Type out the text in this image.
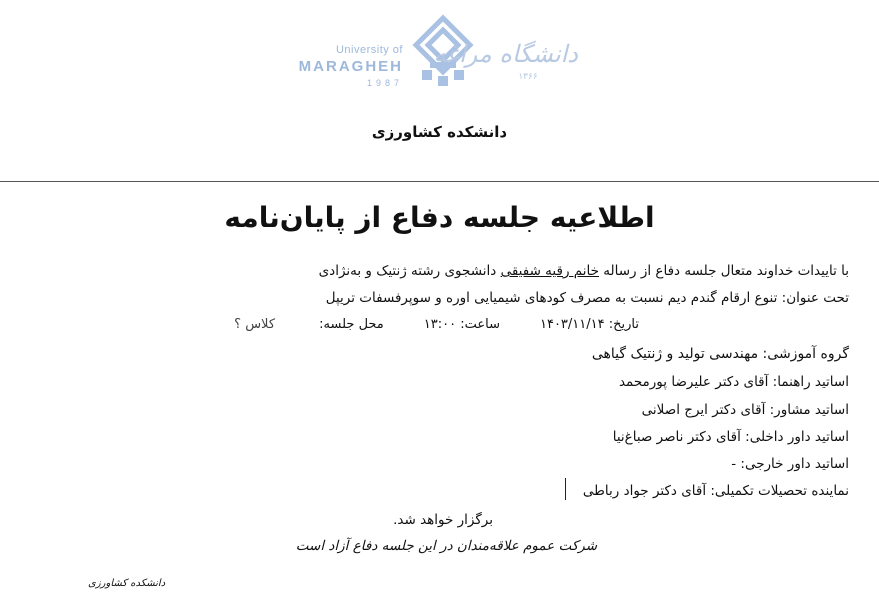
University of
MARAGHEH
1987
دانشگاه مراغه
۱۳۶۶
دانشکده کشاورزی
اطلاعیه جلسه دفاع از پایان‌نامه
با تاییدات خداوند متعال جلسه دفاع از رساله خانم رقیه شفیقی دانشجوی رشته ژنتیک و به‌نژادی
تحت عنوان: تنوع ارقام گندم دیم نسبت به مصرف کودهای شیمیایی اوره و سوپرفسفات تریپل
تاریخ: ۱۴۰۳/۱۱/۱۴ساعت: ۱۳:۰۰محل جلسه: کلاس ؟
گروه آموزشی: مهندسی تولید و ژنتیک گیاهی
اساتید راهنما: آقای دکتر علیرضا پورمحمد
اساتید مشاور: آقای دکتر ایرج اصلانی
اساتید داور داخلی: آقای دکتر ناصر صباغ‌نیا
اساتید داور خارجی: -
نماینده تحصیلات تکمیلی: آقای دکتر جواد رباطی
برگزار خواهد شد.
شرکت عموم علاقه‌مندان در این جلسه دفاع آزاد است
دانشکده کشاورزی
